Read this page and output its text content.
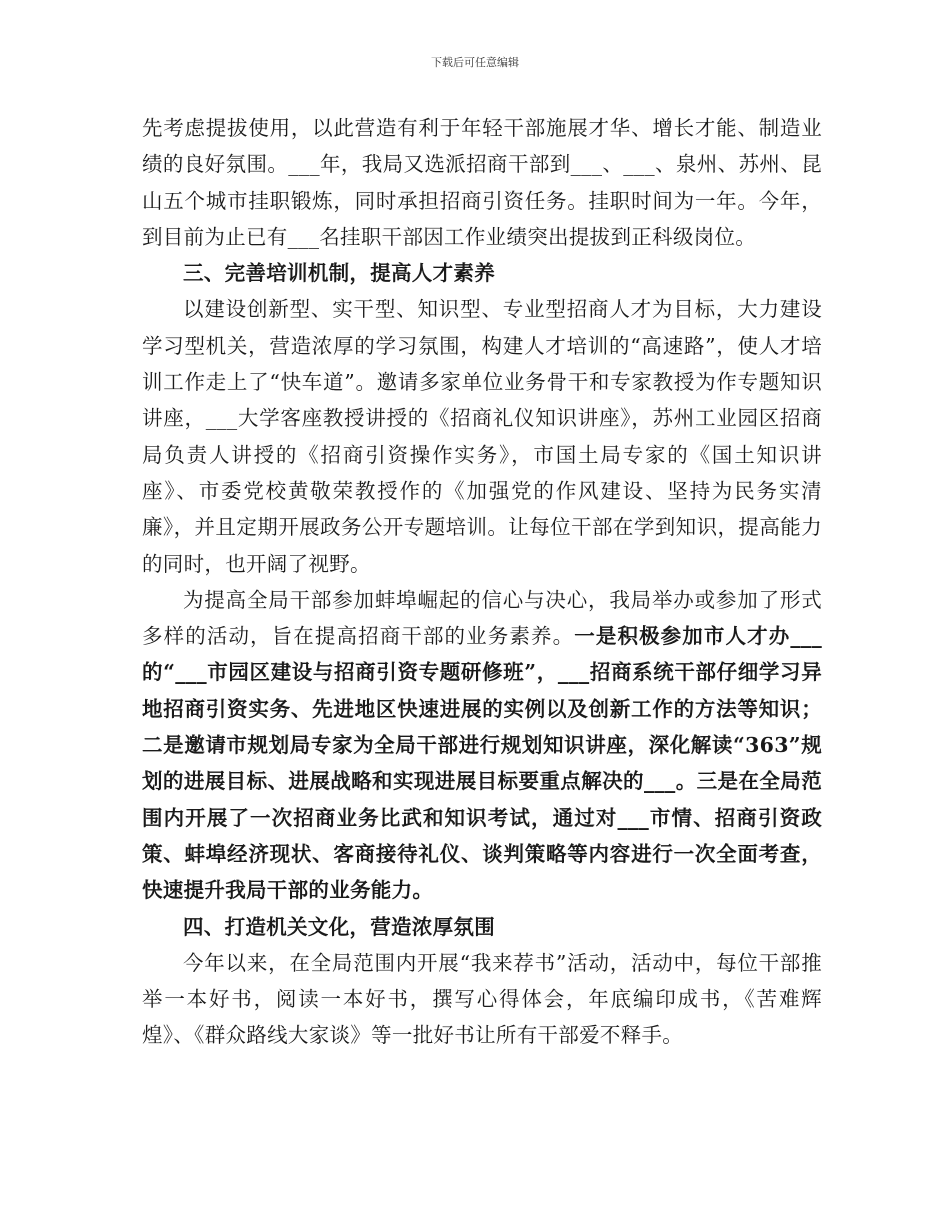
下载后可任意编辑

先考虑提拔使用，以此营造有利于年轻干部施展才华、增长才能、制造业绩的良好氛围。___年，我局又选派招商干部到___、___、泉州、苏州、昆山五个城市挂职锻炼，同时承担招商引资任务。挂职时间为一年。今年，到目前为止已有___名挂职干部因工作业绩突出提拔到正科级岗位。

三、完善培训机制，提高人才素养

以建设创新型、实干型、知识型、专业型招商人才为目标，大力建设学习型机关，营造浓厚的学习氛围，构建人才培训的“高速路”，使人才培训工作走上了“快车道”。邀请多家单位业务骨干和专家教授为作专题知识讲座，___大学客座教授讲授的《招商礼仪知识讲座》，苏州工业园区招商局负责人讲授的《招商引资操作实务》，市国土局专家的《国土知识讲座》、市委党校黄敬荣教授作的《加强党的作风建设、坚持为民务实清廉》，并且定期开展政务公开专题培训。让每位干部在学到知识，提高能力的同时，也开阔了视野。

为提高全局干部参加蚌埠崛起的信心与决心，我局举办或参加了形式多样的活动，旨在提高招商干部的业务素养。一是积极参加市人才办___的“___市园区建设与招商引资专题研修班”，___招商系统干部仔细学习异地招商引资实务、先进地区快速进展的实例以及创新工作的方法等知识；二是邀请市规划局专家为全局干部进行规划知识讲座，深化解读“363”规划的进展目标、进展战略和实现进展目标要重点解决的___。三是在全局范围内开展了一次招商业务比武和知识考试，通过对___市情、招商引资政策、蚌埠经济现状、客商接待礼仪、谈判策略等内容进行一次全面考查，快速提升我局干部的业务能力。

四、打造机关文化，营造浓厚氛围

今年以来，在全局范围内开展“我来荐书”活动，活动中，每位干部推举一本好书，阅读一本好书，撰写心得体会，年底编印成书，《苦难辉煌》、《群众路线大家谈》等一批好书让所有干部爱不释手。
